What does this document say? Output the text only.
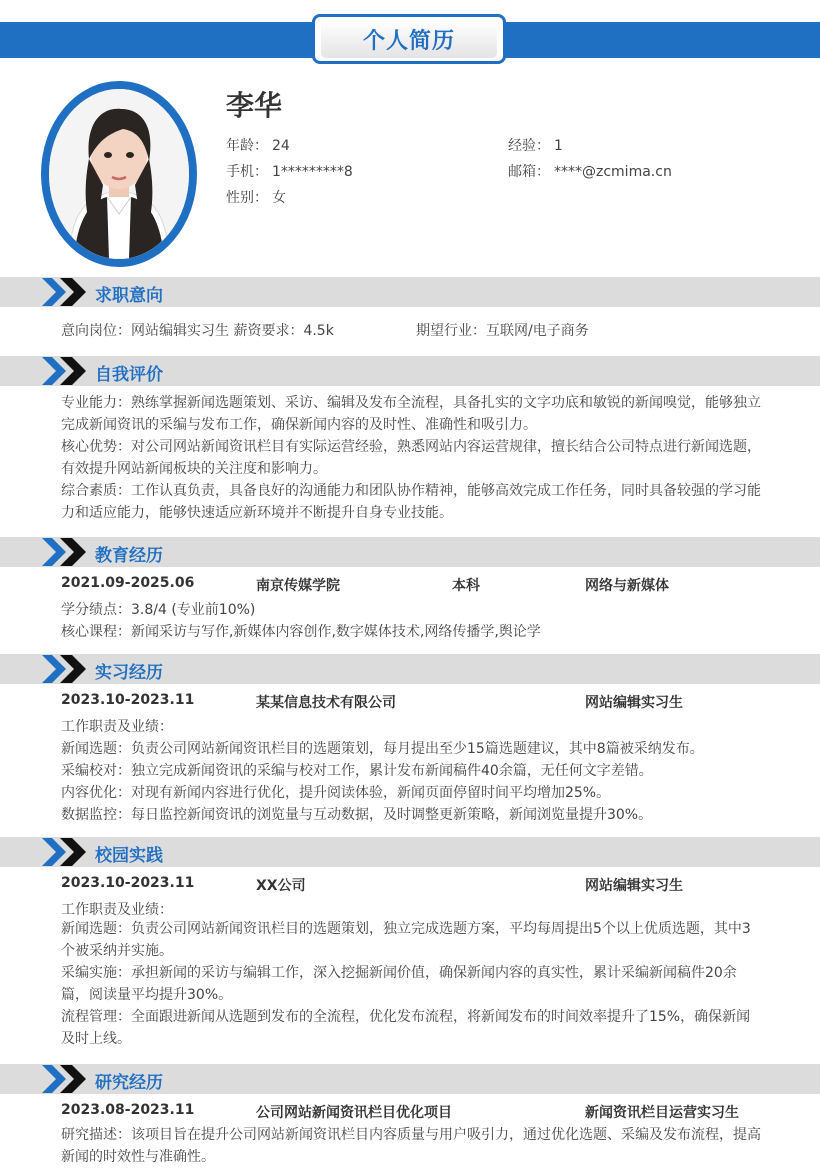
个人简历
李华
年龄： 24	经验： 1
手机： 1*********8	邮箱： ****@zcmima.cn
性别： 女
求职意向
意向岗位：网站编辑实习生 薪资要求：4.5k	期望行业：互联网/电子商务
自我评价
专业能力：熟练掌握新闻选题策划、采访、编辑及发布全流程，具备扎实的文字功底和敏锐的新闻嗅觉，能够独立完成新闻资讯的采编与发布工作，确保新闻内容的及时性、准确性和吸引力。
核心优势：对公司网站新闻资讯栏目有实际运营经验，熟悉网站内容运营规律，擅长结合公司特点进行新闻选题，有效提升网站新闻板块的关注度和影响力。
综合素质：工作认真负责，具备良好的沟通能力和团队协作精神，能够高效完成工作任务，同时具备较强的学习能力和适应能力，能够快速适应新环境并不断提升自身专业技能。
教育经历
2021.09-2025.06	南京传媒学院	本科	网络与新媒体
学分绩点：3.8/4 (专业前10%)
核心课程：新闻采访与写作,新媒体内容创作,数字媒体技术,网络传播学,舆论学
实习经历
2023.10-2023.11	某某信息技术有限公司	网站编辑实习生
工作职责及业绩：
新闻选题：负责公司网站新闻资讯栏目的选题策划，每月提出至少15篇选题建议，其中8篇被采纳发布。
采编校对：独立完成新闻资讯的采编与校对工作，累计发布新闻稿件40余篇，无任何文字差错。
内容优化：对现有新闻内容进行优化，提升阅读体验，新闻页面停留时间平均增加25%。
数据监控：每日监控新闻资讯的浏览量与互动数据，及时调整更新策略，新闻浏览量提升30%。
校园实践
2023.10-2023.11	XX公司	网站编辑实习生
工作职责及业绩：
新闻选题：负责公司网站新闻资讯栏目的选题策划，独立完成选题方案，平均每周提出5个以上优质选题，其中3个被采纳并实施。
采编实施：承担新闻的采访与编辑工作，深入挖掘新闻价值，确保新闻内容的真实性，累计采编新闻稿件20余篇，阅读量平均提升30%。
流程管理：全面跟进新闻从选题到发布的全流程，优化发布流程，将新闻发布的时间效率提升了15%，确保新闻及时上线。
研究经历
2023.08-2023.11	公司网站新闻资讯栏目优化项目	新闻资讯栏目运营实习生
研究描述：该项目旨在提升公司网站新闻资讯栏目内容质量与用户吸引力，通过优化选题、采编及发布流程，提高新闻的时效性与准确性。
